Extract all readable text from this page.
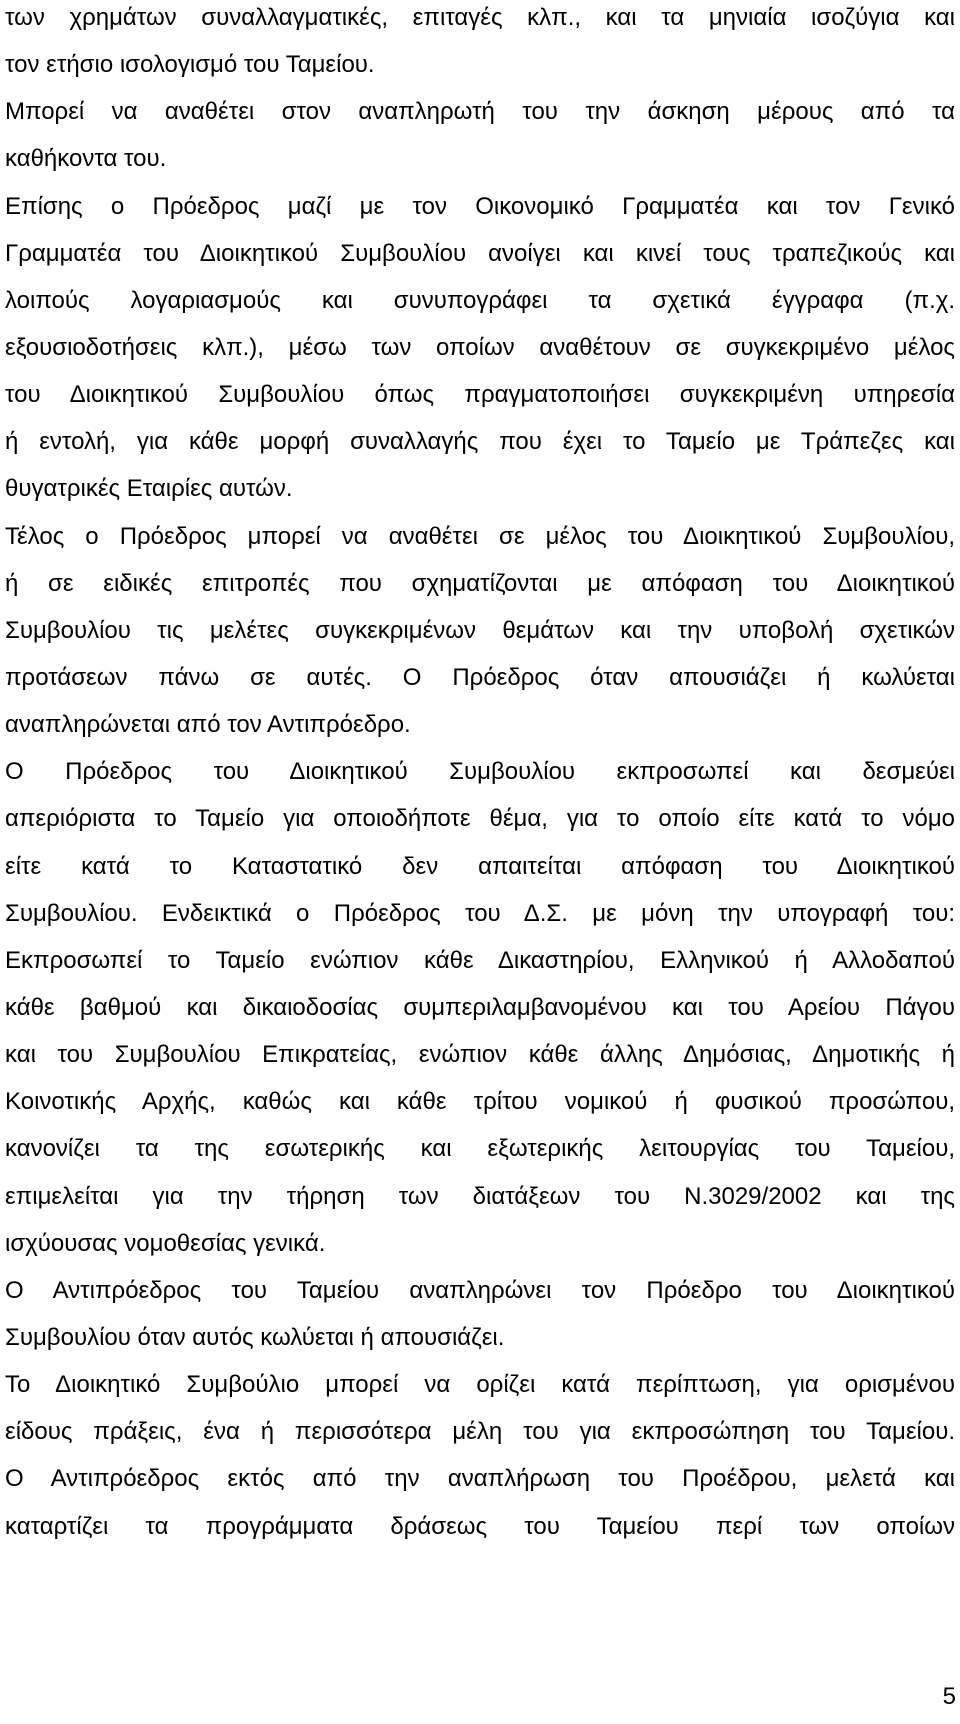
των χρημάτων συναλλαγματικές, επιταγές κλπ., και τα μηνιαία ισοζύγια και
τον ετήσιο ισολογισμό του Ταμείου.
Μπορεί να αναθέτει στον αναπληρωτή του την άσκηση μέρους από τα
καθήκοντα του.
Επίσης ο Πρόεδρος μαζί με τον Οικονομικό Γραμματέα και τον Γενικό
Γραμματέα του Διοικητικού Συμβουλίου ανοίγει και κινεί τους τραπεζικούς και
λοιπούς λογαριασμούς και συνυπογράφει τα σχετικά έγγραφα (π.χ.
εξουσιοδοτήσεις κλπ.), μέσω των οποίων αναθέτουν σε συγκεκριμένο μέλος
του Διοικητικού Συμβουλίου όπως πραγματοποιήσει συγκεκριμένη υπηρεσία
ή εντολή, για κάθε μορφή συναλλαγής που έχει το Ταμείο με Τράπεζες και
θυγατρικές Εταιρίες αυτών.
Τέλος ο Πρόεδρος μπορεί να αναθέτει σε μέλος του Διοικητικού Συμβουλίου,
ή σε ειδικές επιτροπές που σχηματίζονται με απόφαση του Διοικητικού
Συμβουλίου τις μελέτες συγκεκριμένων θεμάτων και την υποβολή σχετικών
προτάσεων πάνω σε αυτές. Ο Πρόεδρος όταν απουσιάζει ή κωλύεται
αναπληρώνεται από τον Αντιπρόεδρο.
Ο Πρόεδρος του Διοικητικού Συμβουλίου εκπροσωπεί και δεσμεύει
απεριόριστα το Ταμείο για οποιοδήποτε θέμα, για το οποίο είτε κατά το νόμο
είτε κατά το Καταστατικό δεν απαιτείται απόφαση του Διοικητικού
Συμβουλίου. Ενδεικτικά ο Πρόεδρος του Δ.Σ. με μόνη την υπογραφή του:
Εκπροσωπεί το Ταμείο ενώπιον κάθε Δικαστηρίου, Ελληνικού ή Αλλοδαπού
κάθε βαθμού και δικαιοδοσίας συμπεριλαμβανομένου και του Αρείου Πάγου
και του Συμβουλίου Επικρατείας, ενώπιον κάθε άλλης Δημόσιας, Δημοτικής ή
Κοινοτικής Αρχής, καθώς και κάθε τρίτου νομικού ή φυσικού προσώπου,
κανονίζει τα της εσωτερικής και εξωτερικής λειτουργίας του Ταμείου,
επιμελείται για την τήρηση των διατάξεων του Ν.3029/2002 και της
ισχύουσας νομοθεσίας γενικά.
Ο Αντιπρόεδρος του Ταμείου αναπληρώνει τον Πρόεδρο του Διοικητικού
Συμβουλίου όταν αυτός κωλύεται ή απουσιάζει.
Το Διοικητικό Συμβούλιο μπορεί να ορίζει κατά περίπτωση, για ορισμένου
είδους πράξεις, ένα ή περισσότερα μέλη του για εκπροσώπηση του Ταμείου.
Ο Αντιπρόεδρος εκτός από την αναπλήρωση του Προέδρου, μελετά και
καταρτίζει τα προγράμματα δράσεως του Ταμείου περί των οποίων
5
